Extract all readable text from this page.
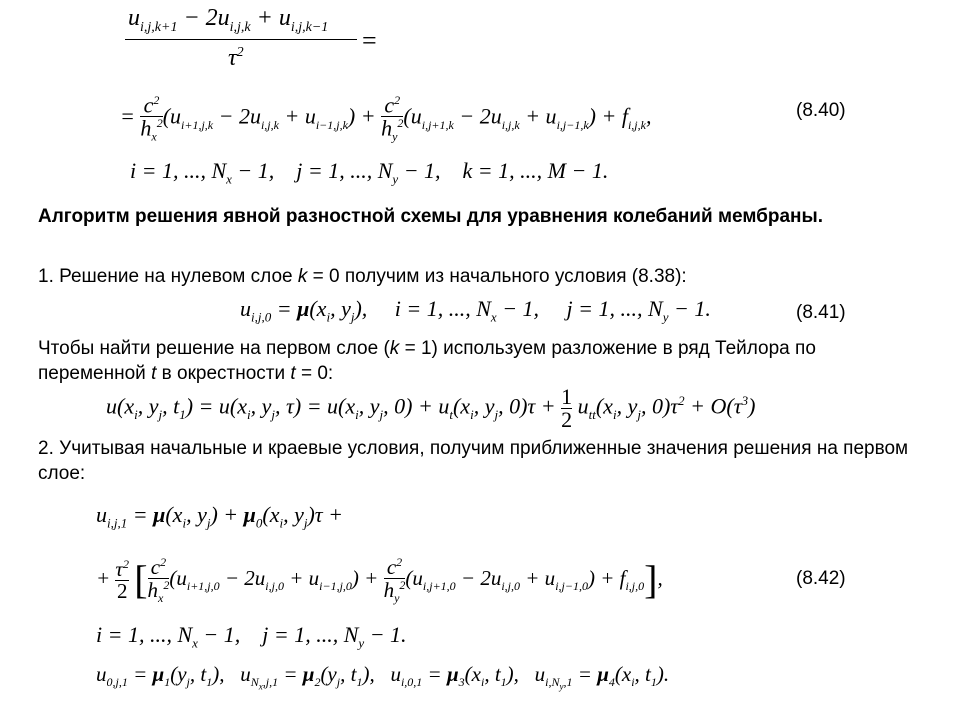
$u_{i,j,k+1} - 2u_{i,j,k} + u_{i,j,k-1}$
$\tau^2$	=
= $\frac{c^2}{h_x^2} (u_{i+1,j,k} - 2u_{i,j,k} + u_{i-1,j,k}) + \frac{c^2}{h_y^2} (u_{i,j+1,k} - 2u_{i,j,k} + u_{i,j-1,k}) + f_{i,j,k}$,	(8.40)
i = 1, ..., $N_x - 1$,    j = 1, ..., $N_y - 1$,    k = 1, ..., M − 1.
Алгоритм решения явной разностной схемы для уравнения колебаний мембраны.
1. Решение на нулевом слое k = 0 получим из начального условия (8.38):
$u_{i,j,0} = \mu(x_i$, $y_j$),     i = 1, ..., $N_x - 1$,     j = 1, ..., $N_y - 1$.	(8.41)
Чтобы найти решение на первом слое (k = 1) используем разложение в ряд Тейлора по переменной t в окрестности t = 0:
$u(x_i$, $y_j$, $t_1) = u(x_i$, $y_j$, $\tau) = u(x_i$, $y_j$, $0) + u_t(x_i$, $y_j$, $0)\tau + \frac{1}{2} u_{tt}(x_i$, $y_j$, $0)\tau^2 + O(\tau^3)$
2. Учитывая начальные и краевые условия, получим приближенные значения решения на первом слое:
$u_{i,j,1} = \mu(x_i$, $y_j) + \mu_0(x_i$, $y_j)\tau$ +
+ $\frac{\tau^2}{2}$ [ $\frac{c^2}{h_x^2} (u_{i+1,j,0} - 2u_{i,j,0} + u_{i-1,j,0}) + \frac{c^2}{h_y^2} (u_{i,j+1,0} - 2u_{i,j,0} + u_{i,j-1,0}) + f_{i,j,0}$],	(8.42)
i = 1, ..., $N_x - 1$,    j = 1, ..., $N_y - 1$.
$u_{0,j,1} = \mu_1(y_j$, $t_1$),   $u_{N_x,j,1} = \mu_2(y_j$, $t_1$),   $u_{i,0,1} = \mu_3(x_i$, $t_1$),   $u_{i,N_y,1} = \mu_4(x_i$, $t_1$).
